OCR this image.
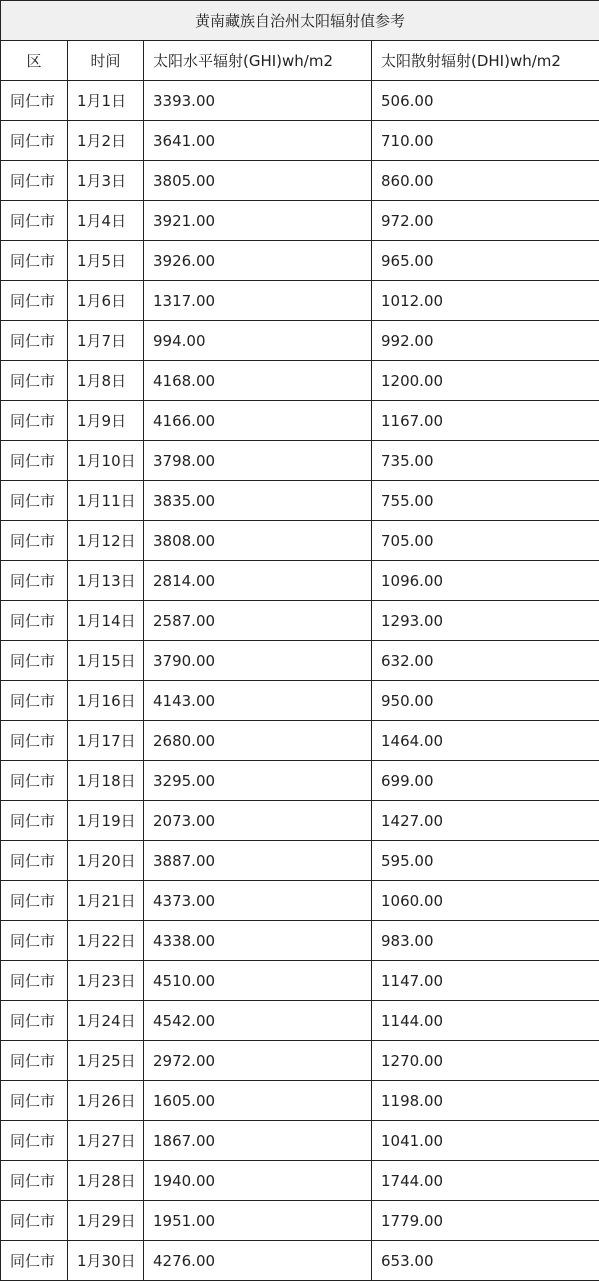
黄南藏族自治州太阳辐射值参考			
区	时间	太阳水平辐射(GHI)wh/m2	太阳散射辐射(DHI)wh/m2
同仁市	1月1日	3393.00	506.00
同仁市	1月2日	3641.00	710.00
同仁市	1月3日	3805.00	860.00
同仁市	1月4日	3921.00	972.00
同仁市	1月5日	3926.00	965.00
同仁市	1月6日	1317.00	1012.00
同仁市	1月7日	994.00	992.00
同仁市	1月8日	4168.00	1200.00
同仁市	1月9日	4166.00	1167.00
同仁市	1月10日	3798.00	735.00
同仁市	1月11日	3835.00	755.00
同仁市	1月12日	3808.00	705.00
同仁市	1月13日	2814.00	1096.00
同仁市	1月14日	2587.00	1293.00
同仁市	1月15日	3790.00	632.00
同仁市	1月16日	4143.00	950.00
同仁市	1月17日	2680.00	1464.00
同仁市	1月18日	3295.00	699.00
同仁市	1月19日	2073.00	1427.00
同仁市	1月20日	3887.00	595.00
同仁市	1月21日	4373.00	1060.00
同仁市	1月22日	4338.00	983.00
同仁市	1月23日	4510.00	1147.00
同仁市	1月24日	4542.00	1144.00
同仁市	1月25日	2972.00	1270.00
同仁市	1月26日	1605.00	1198.00
同仁市	1月27日	1867.00	1041.00
同仁市	1月28日	1940.00	1744.00
同仁市	1月29日	1951.00	1779.00
同仁市	1月30日	4276.00	653.00
